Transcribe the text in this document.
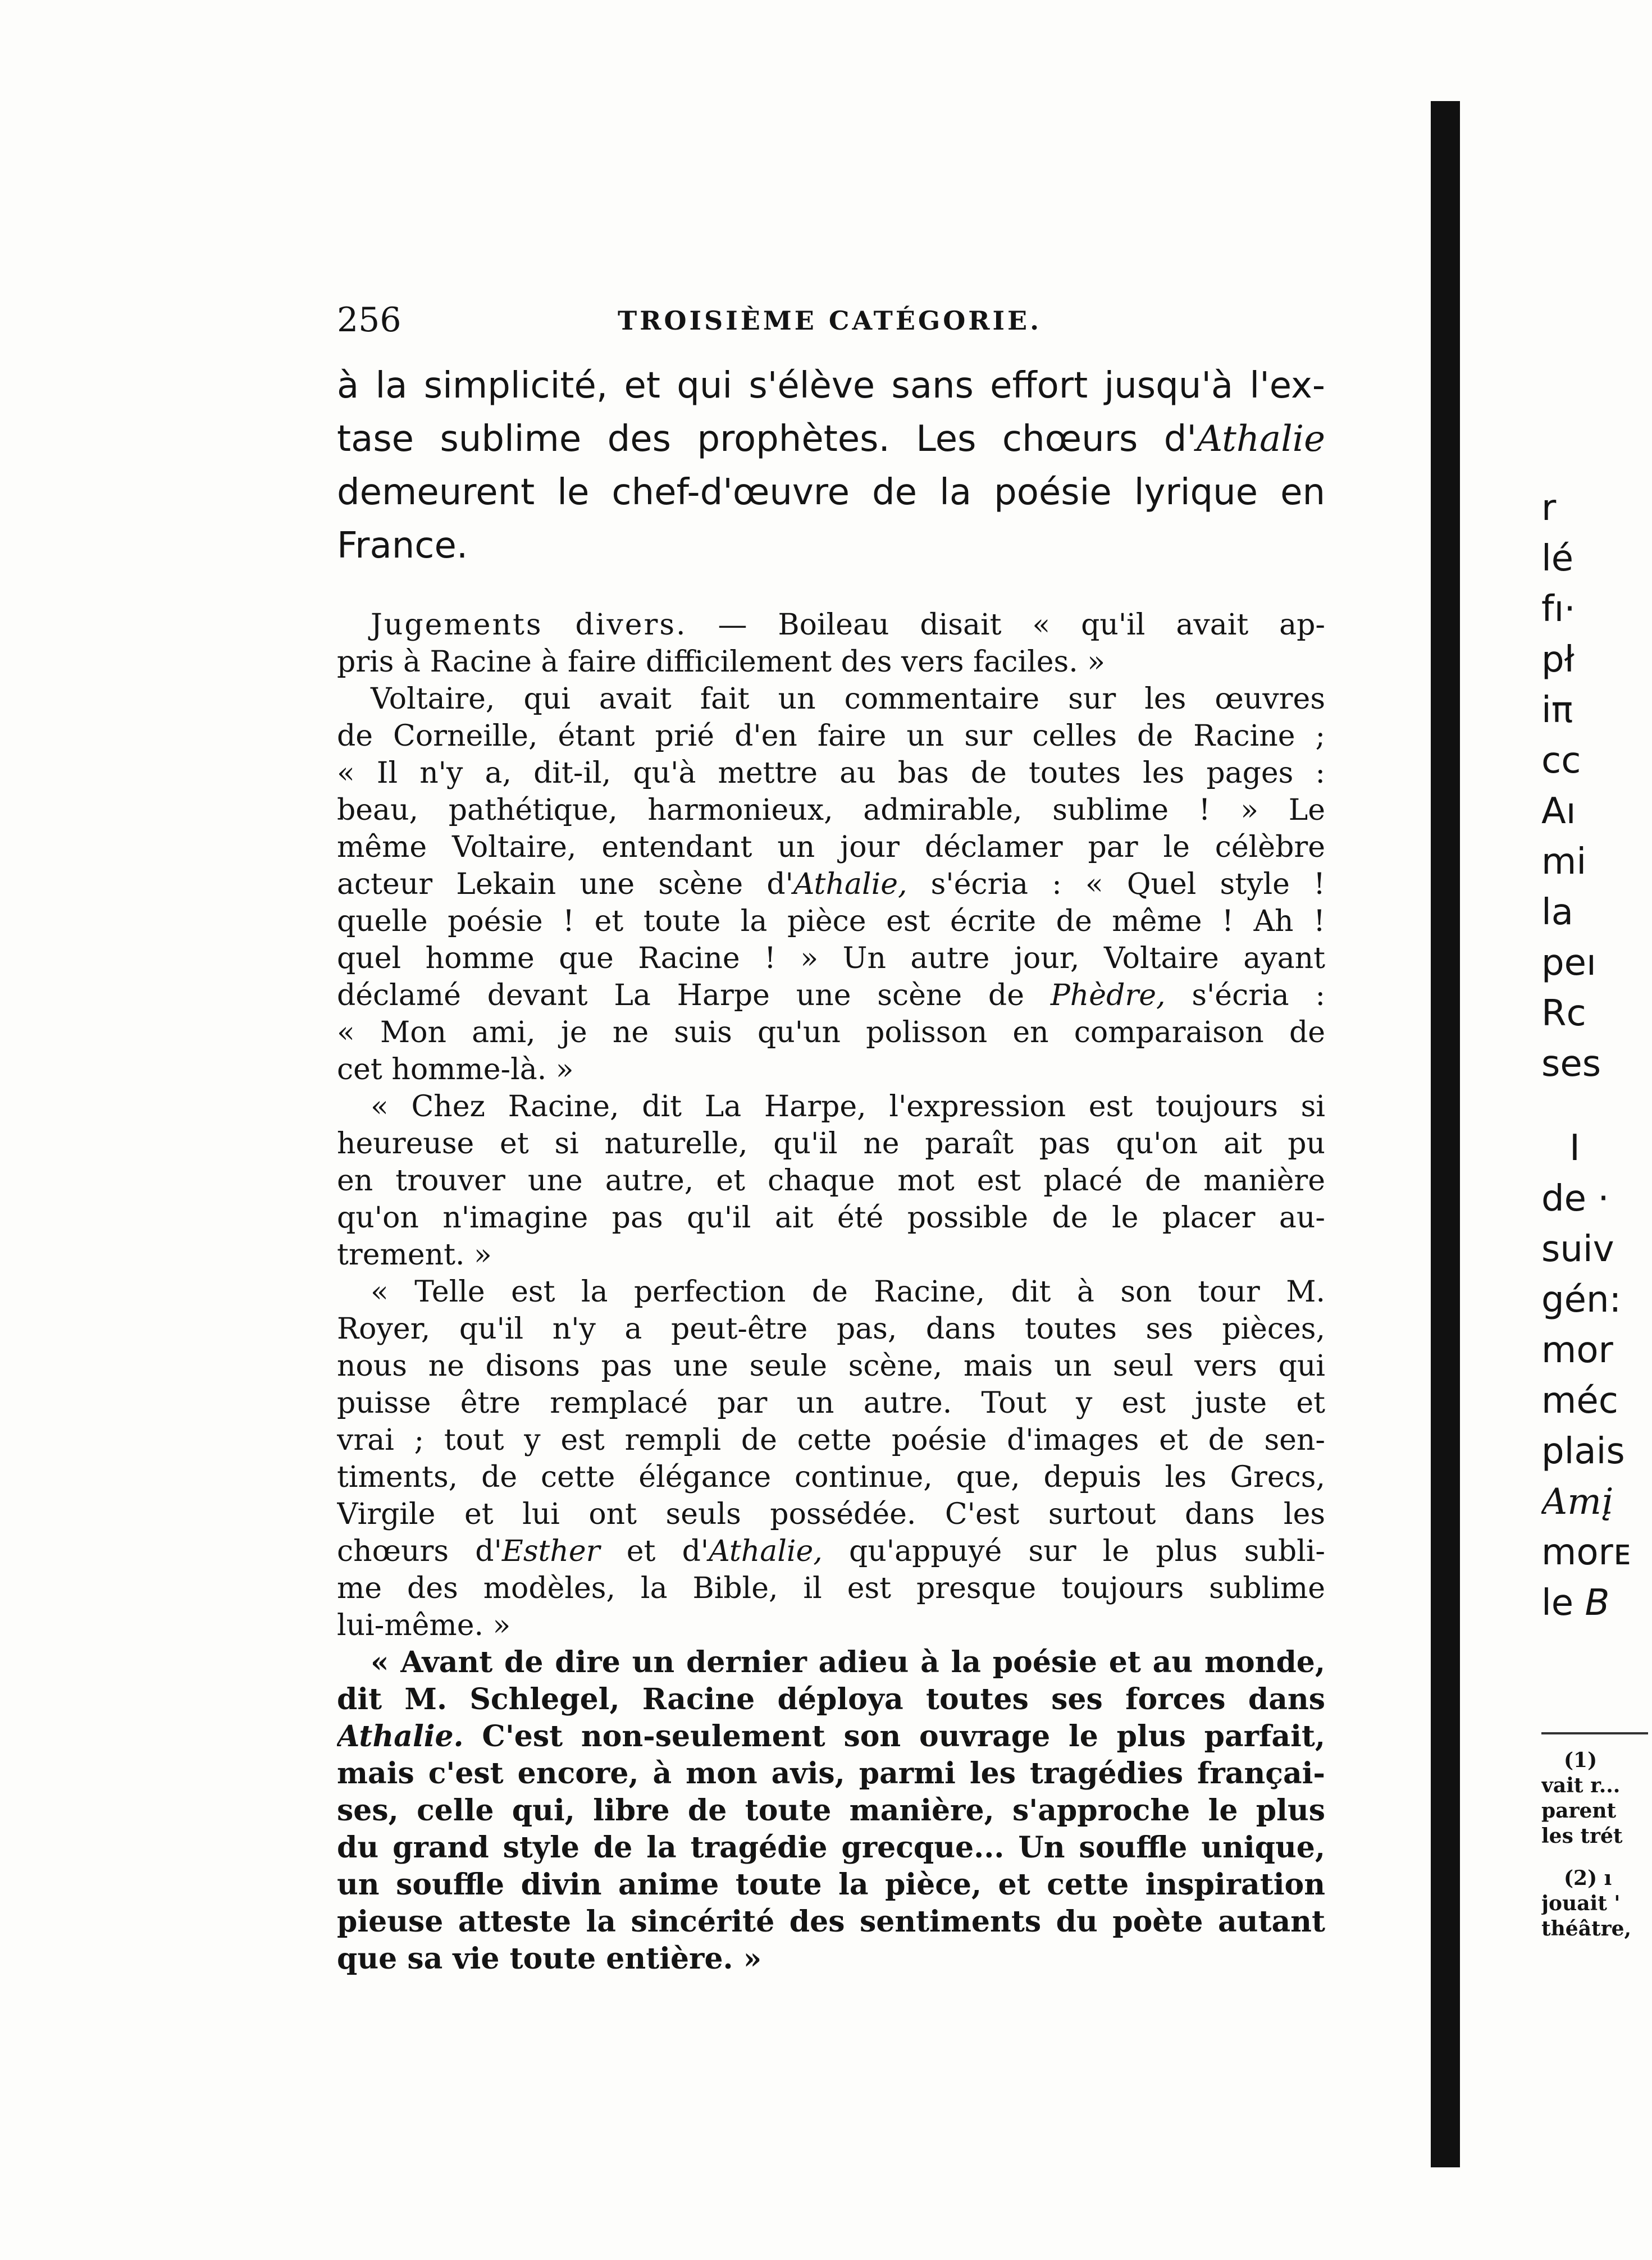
256	TROISIÈME CATÉGORIE.
à la simplicité, et qui s'élève sans effort jusqu'à l'ex-
tase sublime des prophètes. Les chœurs d'Athalie
demeurent le chef-d'œuvre de la poésie lyrique en
France.
Jugements divers. — Boileau disait « qu'il avait ap-
pris à Racine à faire difficilement des vers faciles. »
Voltaire, qui avait fait un commentaire sur les œuvres
de Corneille, étant prié d'en faire un sur celles de Racine ;
« Il n'y a, dit-il, qu'à mettre au bas de toutes les pages :
beau, pathétique, harmonieux, admirable, sublime ! » Le
même Voltaire, entendant un jour déclamer par le célèbre
acteur Lekain une scène d'Athalie, s'écria : « Quel style !
quelle poésie ! et toute la pièce est écrite de même ! Ah !
quel homme que Racine ! » Un autre jour, Voltaire ayant
déclamé devant La Harpe une scène de Phèdre, s'écria :
« Mon ami, je ne suis qu'un polisson en comparaison de
cet homme-là. »
« Chez Racine, dit La Harpe, l'expression est toujours si
heureuse et si naturelle, qu'il ne paraît pas qu'on ait pu
en trouver une autre, et chaque mot est placé de manière
qu'on n'imagine pas qu'il ait été possible de le placer au-
trement. »
« Telle est la perfection de Racine, dit à son tour M.
Royer, qu'il n'y a peut-être pas, dans toutes ses pièces,
nous ne disons pas une seule scène, mais un seul vers qui
puisse être remplacé par un autre. Tout y est juste et
vrai ; tout y est rempli de cette poésie d'images et de sen-
timents, de cette élégance continue, que, depuis les Grecs,
Virgile et lui ont seuls possédée. C'est surtout dans les
chœurs d'Esther et d'Athalie, qu'appuyé sur le plus subli-
me des modèles, la Bible, il est presque toujours sublime
lui-même. »
« Avant de dire un dernier adieu à la poésie et au monde,
dit M. Schlegel, Racine déploya toutes ses forces dans
Athalie. C'est non-seulement son ouvrage le plus parfait,
mais c'est encore, à mon avis, parmi les tragédies françai-
ses, celle qui, libre de toute manière, s'approche le plus
du grand style de la tragédie grecque... Un souffle unique,
un souffle divin anime toute la pièce, et cette inspiration
pieuse atteste la sincérité des sentiments du poète autant
que sa vie toute entière. »
r
lé
fı·
pł
iπ
cc
Aı
mi
la
peı
Rc
ses
I
de ·
suiv
gén:
mor
méc
plais
Amį
morᴇ
le B
(1)
vait r...
parent
les trét
(2) ı
jouait '
théâtre,
